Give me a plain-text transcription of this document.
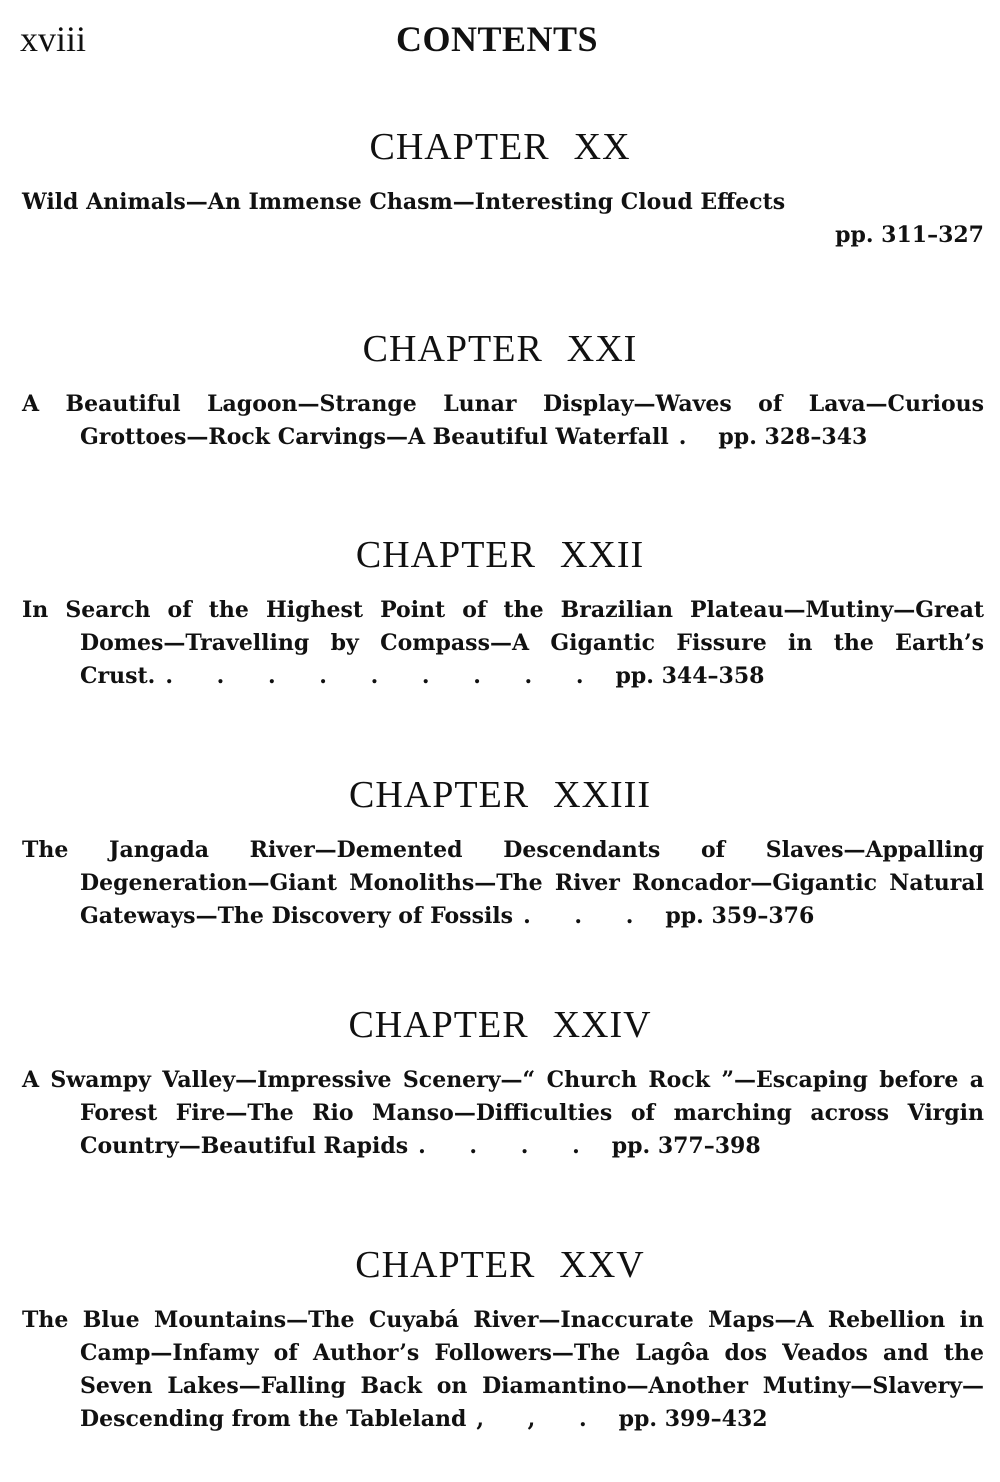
xviii	CONTENTS
CHAPTER XX

Wild Animals—An Immense Chasm—Interesting Cloud Effects
pp. 311–327

CHAPTER XXI

A Beautiful Lagoon—Strange Lunar Display—Waves of Lava—Curious Grottoes—Rock Carvings—A Beautiful Waterfall . pp. 328–343

CHAPTER XXII

In Search of the Highest Point of the Brazilian Plateau—Mutiny—Great Domes—Travelling by Compass—A Gigantic Fissure in the Earth’s Crust. . . . . . . . . . pp. 344–358

CHAPTER XXIII

The Jangada River—Demented Descendants of Slaves—Appalling Degeneration—Giant Monoliths—The River Roncador—Gigantic Natural Gateways—The Discovery of Fossils . . . pp. 359–376

CHAPTER XXIV

A Swampy Valley—Impressive Scenery—“ Church Rock ”—Escaping before a Forest Fire—The Rio Manso—Difficulties of marching across Virgin Country—Beautiful Rapids . . . . pp. 377–398

CHAPTER XXV

The Blue Mountains—The Cuyabá River—Inaccurate Maps—A Rebellion in Camp—Infamy of Author’s Followers—The Lagôa dos Veados and the Seven Lakes—Falling Back on Diamantino—Another Mutiny—Slavery—Descending from the Tableland , , . pp. 399–432
